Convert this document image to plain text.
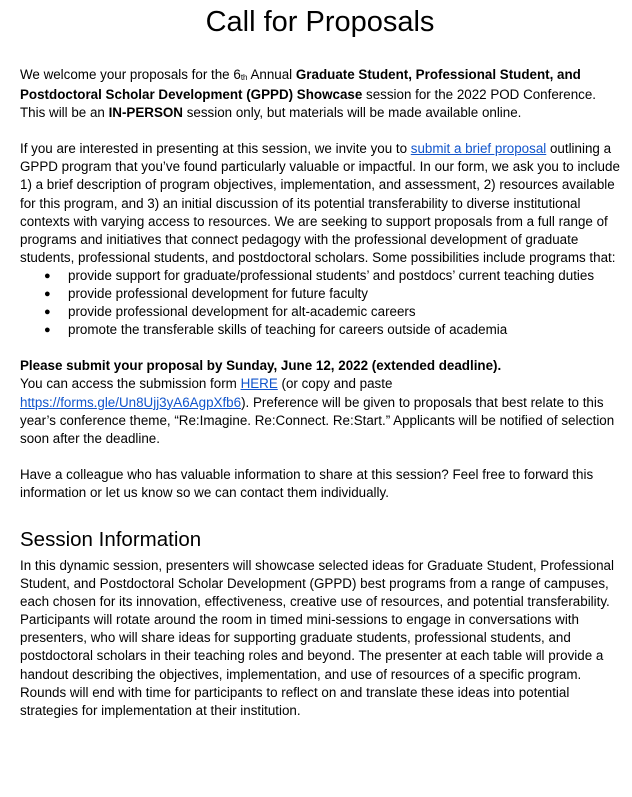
Call for Proposals

We welcome your proposals for the 6th Annual Graduate Student, Professional Student, and Postdoctoral Scholar Development (GPPD) Showcase session for the 2022 POD Conference. This will be an IN-PERSON session only, but materials will be made available online.

If you are interested in presenting at this session, we invite you to submit a brief proposal outlining a GPPD program that you’ve found particularly valuable or impactful. In our form, we ask you to include 1) a brief description of program objectives, implementation, and assessment, 2) resources available for this program, and 3) an initial discussion of its potential transferability to diverse institutional contexts with varying access to resources. We are seeking to support proposals from a full range of programs and initiatives that connect pedagogy with the professional development of graduate students, professional students, and postdoctoral scholars. Some possibilities include programs that:

● provide support for graduate/professional students’ and postdocs’ current teaching duties
● provide professional development for future faculty
● provide professional development for alt-academic careers
● promote the transferable skills of teaching for careers outside of academia

Please submit your proposal by Sunday, June 12, 2022 (extended deadline).
You can access the submission form HERE (or copy and paste https://forms.gle/Un8Ujj3yA6AgpXfb6). Preference will be given to proposals that best relate to this year’s conference theme, “Re:Imagine. Re:Connect. Re:Start.” Applicants will be notified of selection soon after the deadline.

Have a colleague who has valuable information to share at this session? Feel free to forward this information or let us know so we can contact them individually.

Session Information

In this dynamic session, presenters will showcase selected ideas for Graduate Student, Professional Student, and Postdoctoral Scholar Development (GPPD) best programs from a range of campuses, each chosen for its innovation, effectiveness, creative use of resources, and potential transferability. Participants will rotate around the room in timed mini-sessions to engage in conversations with presenters, who will share ideas for supporting graduate students, professional students, and postdoctoral scholars in their teaching roles and beyond. The presenter at each table will provide a handout describing the objectives, implementation, and use of resources of a specific program. Rounds will end with time for participants to reflect on and translate these ideas into potential strategies for implementation at their institution.
